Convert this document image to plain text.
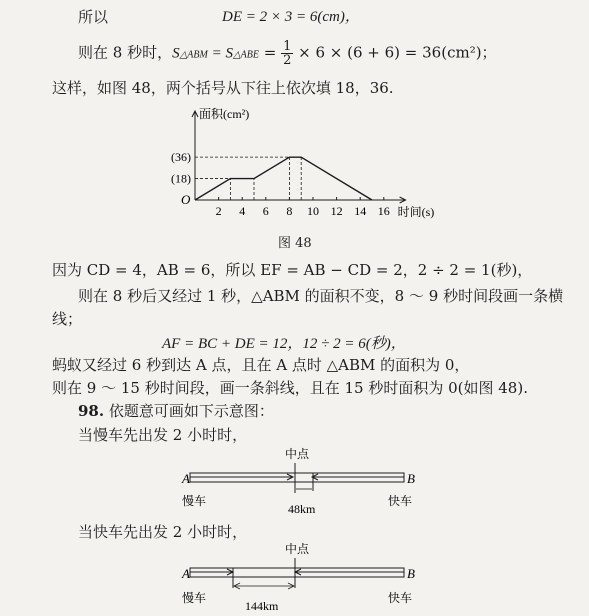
所以	DE = 2 × 3 = 6(cm)，
则在 8 秒时，S△ABM = S△ABE = $\frac{1}{2} \times 6 \times (6 + 6) = 36(cm^2)$；
这样，如图 48，两个括号从下往上依次填 18，36.
面积(cm²)
时间(s)
O
2 4 6 8 10 12 14 16
(18)
(36)
图 48
因为 CD = 4，AB = 6，所以 EF = AB − CD = 2，2 ÷ 2 = 1(秒)，
则在 8 秒后又经过 1 秒，△ABM 的面积不变，8 ～ 9 秒时间段画一条横
线；
AF = BC + DE = 12，12 ÷ 2 = 6(秒)，
蚂蚁又经过 6 秒到达 A 点，且在 A 点时 △ABM 的面积为 0，
则在 9 ～ 15 秒时间段，画一条斜线，且在 15 秒时面积为 0(如图 48).
98. 依题意可画如下示意图：
当慢车先出发 2 小时时，
中点
A	B
慢车	快车
48km
当快车先出发 2 小时时，
中点
A	B
慢车	快车
144km
